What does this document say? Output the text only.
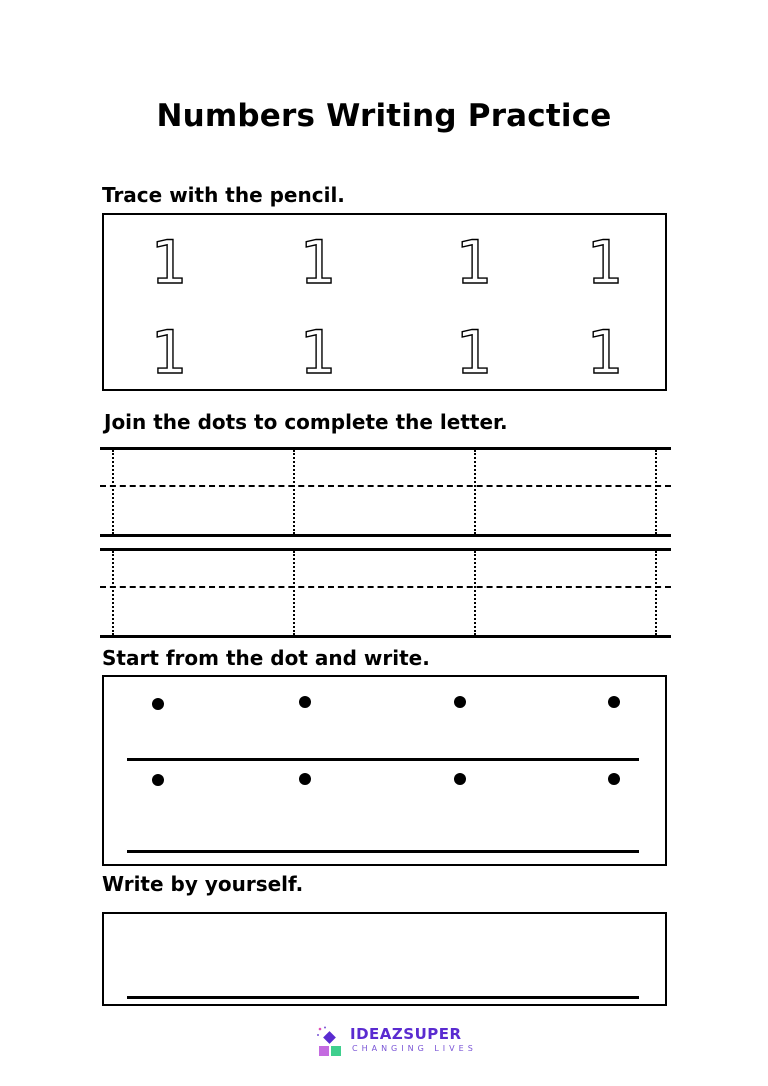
Numbers Writing Practice
Trace with the pencil.
1 1 1 1
1 1 1 1
Join the dots to complete the letter.
Start from the dot and write.
Write by yourself.
IDEAZSUPER
CHANGING LIVES
